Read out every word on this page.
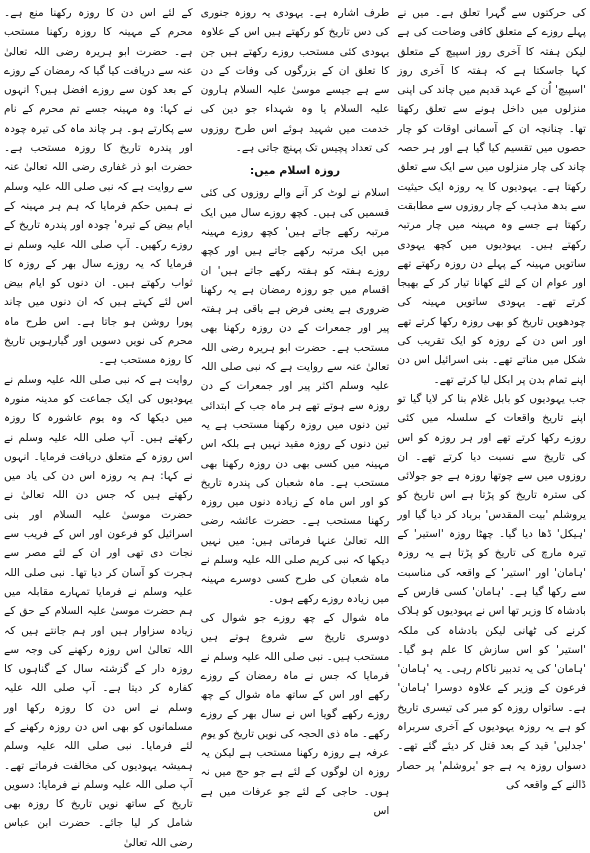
کی حرکتوں سے گہرا تعلق ہے۔ میں نے پہلے روزے کے متعلق کافی وضاحت کی ہے لیکن ہفتہ کا آخری روز اسپیچ کے متعلق کہا جاسکتا ہے کہ ہفتہ کا آخری روز 'اسپیچ' اُن کے عہد قدیم میں چاند کی اپنی منزلوں میں داخل ہونے سے تعلق رکھتا تھا۔ چنانچہ ان کے آسمانی اوقات کو چار حصوں میں تقسیم کیا گیا ہے اور ہر حصہ چاند کی چار منزلوں میں سے ایک سے تعلق رکھتا ہے۔ یہودیوں کا یہ روزہ ایک حیثیت سے بدھ مذہب کے چار روزوں سے مطابقت رکھتا ہے جسے وہ مہینہ میں چار مرتبہ رکھتے ہیں۔ یہودیوں میں کچھ یہودی ساتویں مہینہ کے پہلے دن روزہ رکھتے تھے اور عوام ان کے لئے کھانا تیار کر کے بھیجا کرتے تھے۔ یہودی ساتویں مہینہ کی چودھویں تاریخ کو بھی روزہ رکھا کرتے تھے اور اس دن کے روزہ کو ایک تقریب کی شکل میں مناتے تھے۔ بنی اسرائیل اس دن اپنے تمام بدن پر ابکل لیا کرتے تھے۔

جب یہودیوں کو بابل غلام بنا کر لایا گیا تو اپنے تاریخ واقعات کے سلسلہ میں کئی روزے رکھا کرتے تھے اور ہر روزہ کو اس کی تاریخ سے نسبت دیا کرتے تھے۔ ان روزوں میں سے چوتھا روزہ ہے جو جولائی کی سترہ تاریخ کو پڑتا ہے اس تاریخ کو یروشلم 'بیت المقدس' برباد کر دیا گیا اور 'ہیکل' ڈھا دیا گیا۔ چھٹا روزہ 'استیر' کے تیرہ مارچ کی تاریخ کو پڑتا ہے یہ روزہ 'ہامان' اور 'استیر' کے واقعہ کی مناسبت سے رکھا گیا ہے۔ 'ہامان' کسی فارس کے بادشاہ کا وزیر تھا اس نے یہودیوں کو ہلاک کرنے کی ٹھانی لیکن بادشاہ کی ملکہ 'استیر' کو اس سازش کا علم ہو گیا۔ 'ہامان' کی یہ تدبیر ناکام رہی۔ یہ 'ہامان' فرعون کے وزیر کے علاوہ دوسرا 'ہامان' ہے۔ ساتواں روزہ کو مبر کی تیسری تاریخ کو ہے یہ روزہ یہودیوں کے آخری سربراہ 'جدلیں' قید کے بعد قتل کر دیئے گئے تھے۔ دسواں روزہ یہ ہے جو 'یروشلم' پر حصار ڈالنے کے واقعہ کی

طرف اشارہ ہے۔ یہودی یہ روزہ جنوری کی دس تاریخ کو رکھتے ہیں اس کے علاوہ یہودی کئی مستحب روزے رکھتے ہیں جن کا تعلق ان کے بزرگوں کی وفات کے دن سے ہے جیسے موسیٰ علیہ السلام ہارون علیہ السلام یا وہ شہداء جو دین کی خدمت میں شہید ہوئے اس طرح روزوں کی تعداد پچیس تک پہنچ جاتی ہے۔

روزہ اسلام میں:

اسلام نے لوٹ کر آنے والے روزوں کی کئی قسمیں کی ہیں۔ کچھ روزے سال میں ایک مرتبہ رکھے جاتے ہیں' کچھ روزے مہینہ میں ایک مرتبہ رکھے جاتے ہیں اور کچھ روزے ہفتہ کو ہفتہ رکھے جاتے ہیں' ان اقسام میں جو روزہ رمضان ہے یہ رکھنا ضروری ہے یعنی فرض ہے باقی ہر ہفتہ پیر اور جمعرات کے دن روزہ رکھنا بھی مستحب ہے۔ حضرت ابو ہریرہ رضی اللہ تعالیٰ عنہ سے روایت ہے کہ نبی صلی اللہ علیہ وسلم اکثر پیر اور جمعرات کے دن روزہ سے ہوتے تھے ہر ماہ جب کے ابتدائی تین دنوں میں روزہ رکھنا مستحب ہے یہ تین دنوں کے روزہ مقید نہیں ہے بلکہ اس مہینہ میں کسی بھی دن روزہ رکھنا بھی مستحب ہے۔ ماہ شعبان کی پندرہ تاریخ کو اور اس ماہ کے زیادہ دنوں میں روزہ رکھنا مستحب ہے۔ حضرت عائشہ رضی اللہ تعالیٰ عنہا فرماتی ہیں: میں نہیں دیکھا کہ نبی کریم صلی اللہ علیہ وسلم نے ماہ شعبان کی طرح کسی دوسرے مہینہ میں زیادہ روزے رکھے ہوں۔

ماہ شوال کے چھ روزے جو شوال کی دوسری تاریخ سے شروع ہوتے ہیں مستحب ہیں۔ نبی صلی اللہ علیہ وسلم نے فرمایا کہ جس نے ماہ رمضان کے روزے رکھے اور اس کے ساتھ ماہ شوال کے چھ روزے رکھے گویا اس نے سال بھر کے روزے رکھے۔ ماہ ذی الحجہ کی نویں تاریخ کو یوم عرفہ ہے روزہ رکھنا مستحب ہے لیکن یہ روزہ ان لوگوں کے لئے ہے جو حج میں نہ ہوں۔ حاجی کے لئے جو عرفات میں ہے اس

کے لئے اس دن کا روزہ رکھنا منع ہے۔ محرم کے مہینہ کا روزہ رکھنا مستحب ہے۔ حضرت ابو ہریرہ رضی اللہ تعالیٰ عنہ سے دریافت کیا گیا کہ رمضان کے روزے کے بعد کون سے روزے افضل ہیں؟ انہوں نے کہا: وہ مہینہ جسے تم محرم کے نام سے پکارتے ہو۔ ہر چاند ماہ کی تیرہ چودہ اور پندرہ تاریخ کا روزہ مستحب ہے۔ حضرت ابو ذر غفاری رضی اللہ تعالیٰ عنہ سے روایت ہے کہ نبی صلی اللہ علیہ وسلم نے ہمیں حکم فرمایا کہ ہم ہر مہینہ کے ایام بیض کے تیرہ' چودہ اور پندرہ تاریخ کے روزے رکھیں۔ آپ صلی اللہ علیہ وسلم نے فرمایا کہ یہ روزے سال بھر کے روزہ کا ثواب رکھتے ہیں۔ ان دنوں کو ایام بیض اس لئے کہتے ہیں کہ ان دنوں میں چاند پورا روشن ہو جاتا ہے۔ اس طرح ماہ محرم کی نویں دسویں اور گیارہویں تاریخ کا روزہ مستحب ہے۔

روایت ہے کہ نبی صلی اللہ علیہ وسلم نے یہودیوں کی ایک جماعت کو مدینہ منورہ میں دیکھا کہ وہ یوم عاشورہ کا روزہ رکھتے ہیں۔ آپ صلی اللہ علیہ وسلم نے اس روزہ کے متعلق دریافت فرمایا۔ انہوں نے کہا: ہم یہ روزہ اس دن کی یاد میں رکھتے ہیں کہ جس دن اللہ تعالیٰ نے حضرت موسیٰ علیہ السلام اور بنی اسرائیل کو فرعون اور اس کے فریب سے نجات دی تھی اور ان کے لئے مصر سے ہجرت کو آسان کر دیا تھا۔ نبی صلی اللہ علیہ وسلم نے فرمایا تمہارے مقابلہ میں ہم حضرت موسیٰ علیہ السلام کے حق کے زیادہ سزاوار ہیں اور ہم جانتے ہیں کہ اللہ تعالیٰ اس روزہ رکھنے کی وجہ سے روزہ دار کے گزشتہ سال کے گناہوں کا کفارہ کر دیتا ہے۔ آپ صلی اللہ علیہ وسلم نے اس دن کا روزہ رکھا اور مسلمانوں کو بھی اس دن روزہ رکھنے کے لئے فرمایا۔ نبی صلی اللہ علیہ وسلم ہمیشہ یہودیوں کی مخالفت فرماتے تھے۔ آپ صلی اللہ علیہ وسلم نے فرمایا: دسویں تاریخ کے ساتھ نویں تاریخ کا روزہ بھی شامل کر لیا جائے۔ حضرت ابن عباس رضی اللہ تعالیٰ
